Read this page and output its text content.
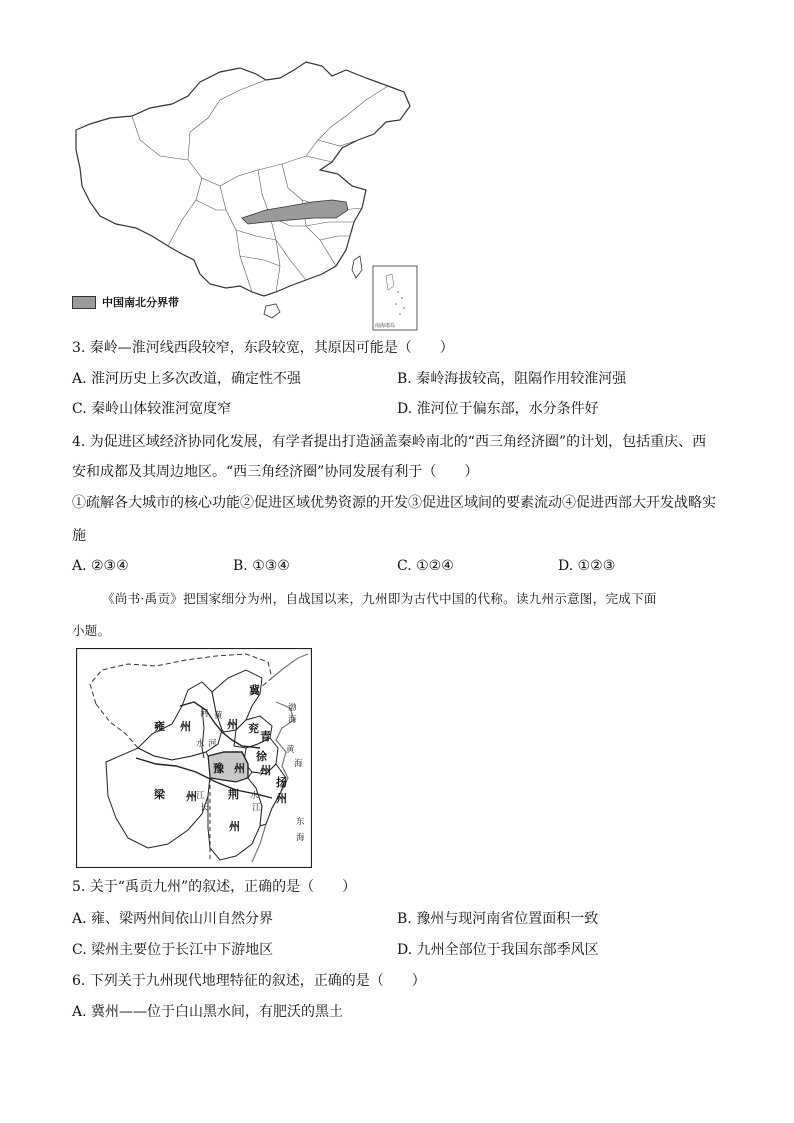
南海诸岛
中国南北分界带
3. 秦岭—淮河线西段较窄，东段较宽，其原因可能是（　　）
A. 淮河历史上多次改道，确定性不强	B. 秦岭海拔较高，阻隔作用较淮河强
C. 秦岭山体较淮河宽度窄	D. 淮河位于偏东部，水分条件好
4. 为促进区域经济协同化发展，有学者提出打造涵盖秦岭南北的“西三角经济圈”的计划，包括重庆、西
安和成都及其周边地区。“西三角经济圈”协同发展有利于（　　）
①疏解各大城市的核心功能②促进区域优势资源的开发③促进区域间的要素流动④促进西部大开发战略实
施
A. ②③④	B. ①③④	C. ①②④	D. ①②③
《尚书·禹贡》把国家细分为州，自战国以来，九州即为古代中国的代称。读九州示意图，完成下面
小题。
冀
州
雍 州	兖
青
徐
州
豫 州
梁 州	荆
州
扬
州
河 黄
水 河
渤
海
黄
海
江
长
水
江
东
海
5. 关于“禹贡九州”的叙述，正确的是（　　）
A. 雍、梁两州间依山川自然分界	B. 豫州与现河南省位置面积一致
C. 梁州主要位于长江中下游地区	D. 九州全部位于我国东部季风区
6. 下列关于九州现代地理特征的叙述，正确的是（　　）
A. 冀州——位于白山黑水间，有肥沃的黑土
